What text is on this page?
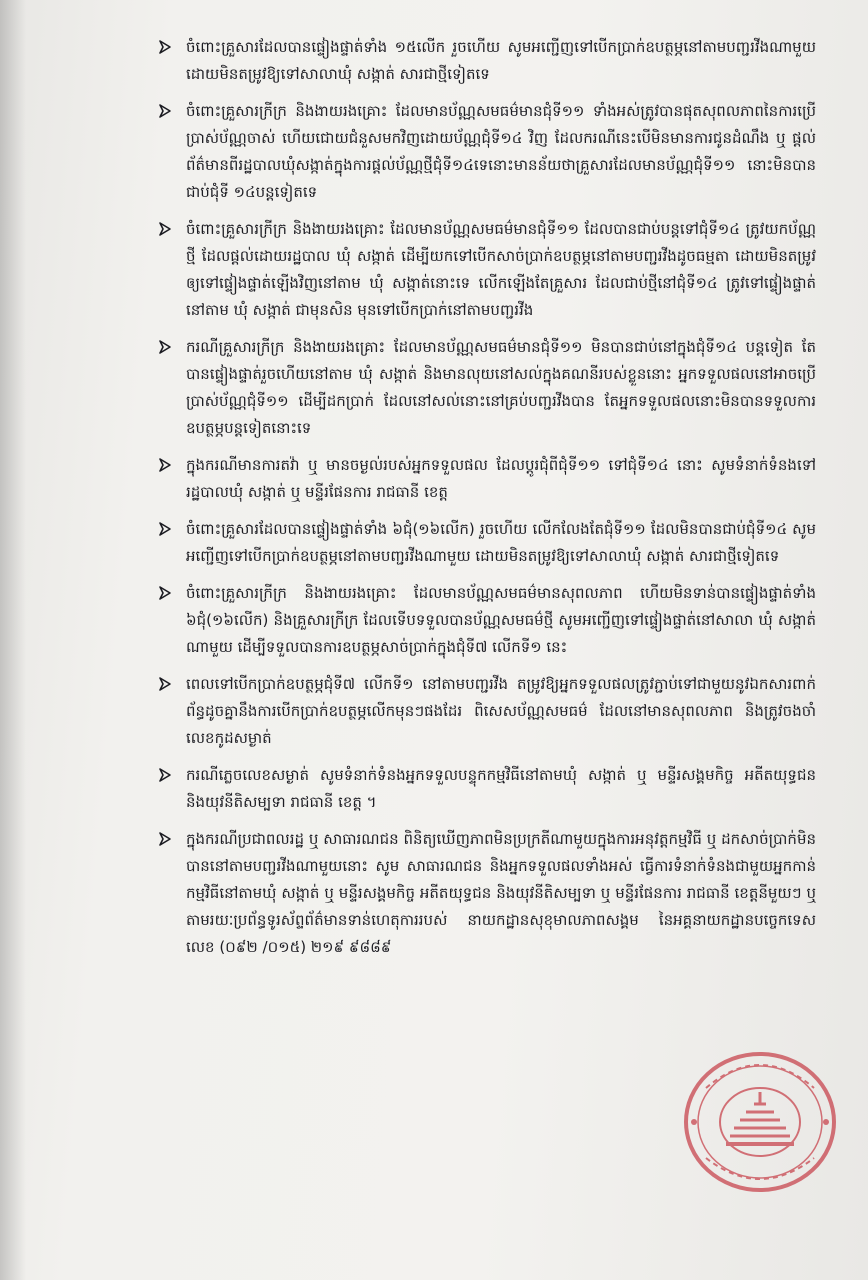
ចំពោះគ្រួសារដែលបានផ្ទៀងផ្ទាត់ទាំង ១៥លើក រួចហើយ សូមអញ្ជើញទៅបើកប្រាក់ឧបត្ថម្ភនៅតាមបញ្ជរវីងណាមួយដោយមិនតម្រូវឱ្យទៅសាលាឃុំ សង្កាត់ សារជាថ្មីទៀតទេ
ចំពោះគ្រួសារក្រីក្រ និងងាយរងគ្រោះ ដែលមានប័ណ្ណសមធម៌មានជុំទី១១ ទាំងអស់ត្រូវបានផុតសុពលភាពនៃការប្រើប្រាស់ប័ណ្ណចាស់ ហើយជោយជំនួសមកវិញដោយប័ណ្ណជុំទី១៤ វិញ ដែលករណីនេះបើមិនមានការជូនដំណឹង ឬ ផ្តល់ព័ត៌មានពីរដ្ឋបាលឃុំសង្កាត់ក្នុងការផ្តល់ប័ណ្ណថ្មីជុំទី១៤ទេនោះមានន័យថាគ្រួសារដែលមានប័ណ្ណជុំទី១១ នោះមិនបានជាប់ជុំទី ១៤បន្តទៀតទេ
ចំពោះគ្រួសារក្រីក្រ និងងាយរងគ្រោះ ដែលមានប័ណ្ណសមធម៌មានជុំទី១១ ដែលបានជាប់បន្តទៅជុំទី១៤ ត្រូវយកប័ណ្ណថ្មី ដែលផ្តល់ដោយរដ្ឋបាល ឃុំ សង្កាត់ ដើម្បីយកទៅបើកសាច់ប្រាក់ឧបត្ថម្ភនៅតាមបញ្ជរវីងដូចធម្មតា ដោយមិនតម្រូវឲ្យទៅផ្ទៀងផ្ទាត់ឡើងវិញនៅតាម ឃុំ សង្កាត់នោះទេ លើកឡើងតែគ្រួសារ ដែលជាប់ថ្មីនៅជុំទី១៤ ត្រូវទៅផ្ទៀងផ្ទាត់នៅតាម ឃុំ សង្កាត់ ជាមុនសិន មុនទៅបើកប្រាក់នៅតាមបញ្ជរវីង
ករណីគ្រួសារក្រីក្រ និងងាយរងគ្រោះ ដែលមានប័ណ្ណសមធម៌មានជុំទី១១ មិនបានជាប់នៅក្នុងជុំទី១៤ បន្តទៀត តែបានផ្ទៀងផ្ទាត់រួចហើយនៅតាម ឃុំ សង្កាត់ និងមានលុយនៅសល់ក្នុងគណនីរបស់ខ្លួននោះ អ្នកទទួលផលនៅអាចប្រើប្រាស់ប័ណ្ណជុំទី១១ ដើម្បីដកប្រាក់ ដែលនៅសល់នោះនៅគ្រប់បញ្ជរវីងបាន តែអ្នកទទួលផលនោះមិនបានទទួលការឧបត្ថម្ភបន្តទៀតនោះទេ
ក្នុងករណីមានការតវ៉ា ឬ មានចម្ងល់របស់អ្នកទទួលផល ដែលប្តូរជុំពីជុំទី១១ ទៅជុំទី១៤ នោះ សូមទំនាក់ទំនងទៅរដ្ឋបាលឃុំ សង្កាត់ ឬ មន្ទីរផែនការ រាជធានី ខេត្ត
ចំពោះគ្រួសារដែលបានផ្ទៀងផ្ទាត់ទាំង ៦ជុំ(១៦លើក) រួចហើយ លើកលែងតែជុំទី១១ ដែលមិនបានជាប់ជុំទី១៤ សូមអញ្ជើញទៅបើកប្រាក់ឧបត្ថម្ភនៅតាមបញ្ជរវីងណាមួយ ដោយមិនតម្រូវឱ្យទៅសាលាឃុំ សង្កាត់ សារជាថ្មីទៀតទេ
ចំពោះគ្រួសារក្រីក្រ និងងាយរងគ្រោះ ដែលមានប័ណ្ណសមធម៌មានសុពលភាព ហើយមិនទាន់បានផ្ទៀងផ្ទាត់ទាំង ៦ជុំ(១៦លើក) និងគ្រួសារក្រីក្រ ដែលទើបទទួលបានប័ណ្ណសមធម៌ថ្មី សូមអញ្ជើញទៅផ្ទៀងផ្ទាត់នៅសាលា ឃុំ សង្កាត់ ណាមួយ ដើម្បីទទួលបានការឧបត្ថម្ភសាច់ប្រាក់ក្នុងជុំទី៧ លើកទី១ នេះ
ពេលទៅបើកប្រាក់ឧបត្ថម្ភជុំទី៧ លើកទី១ នៅតាមបញ្ជរវីង តម្រូវឱ្យអ្នកទទួលផលត្រូវភ្ជាប់ទៅជាមួយនូវឯកសារពាក់ព័ន្ធដូចគ្នានឹងការបើកប្រាក់ឧបត្ថម្ភលើកមុនៗផងដែរ ពិសេសប័ណ្ណសមធម៌ ដែលនៅមានសុពលភាព និងត្រូវចងចាំលេខកូដសម្ងាត់
ករណីភ្លេចលេខសម្ងាត់ សូមទំនាក់ទំនងអ្នកទទួលបន្ទុកកម្មវិធីនៅតាមឃុំ សង្កាត់ ឬ មន្ទីរសង្គមកិច្ច អតីតយុទ្ធជន និងយុវនីតិសម្បទា រាជធានី ខេត្ត ។
ក្នុងករណីប្រជាពលរដ្ឋ ឬ សាធារណជន ពិនិត្យឃើញភាពមិនប្រក្រតីណាមួយក្នុងការអនុវត្តកម្មវិធី ឬ ដកសាច់ប្រាក់មិនបាននៅតាមបញ្ជរវីងណាមួយនោះ សូម សាធារណជន និងអ្នកទទួលផលទាំងអស់ ធ្វើការទំនាក់ទំនងជាមួយអ្នកកាន់កម្មវិធីនៅតាមឃុំ សង្កាត់ ឬ មន្ទីរសង្គមកិច្ច អតីតយុទ្ធជន និងយុវនីតិសម្បទា ឬ មន្ទីរផែនការ រាជធានី ខេត្តនីមួយៗ ឬ តាមរយៈប្រព័ន្ធទូរស័ព្ទព័ត៌មានទាន់ហេតុការរបស់ នាយកដ្ឋានសុខុមាលភាពសង្គម នៃអគ្គនាយកដ្ឋានបច្ចេកទេស លេខ (០៩២ /០១៥) ២១៩ ៩៨៨៩
